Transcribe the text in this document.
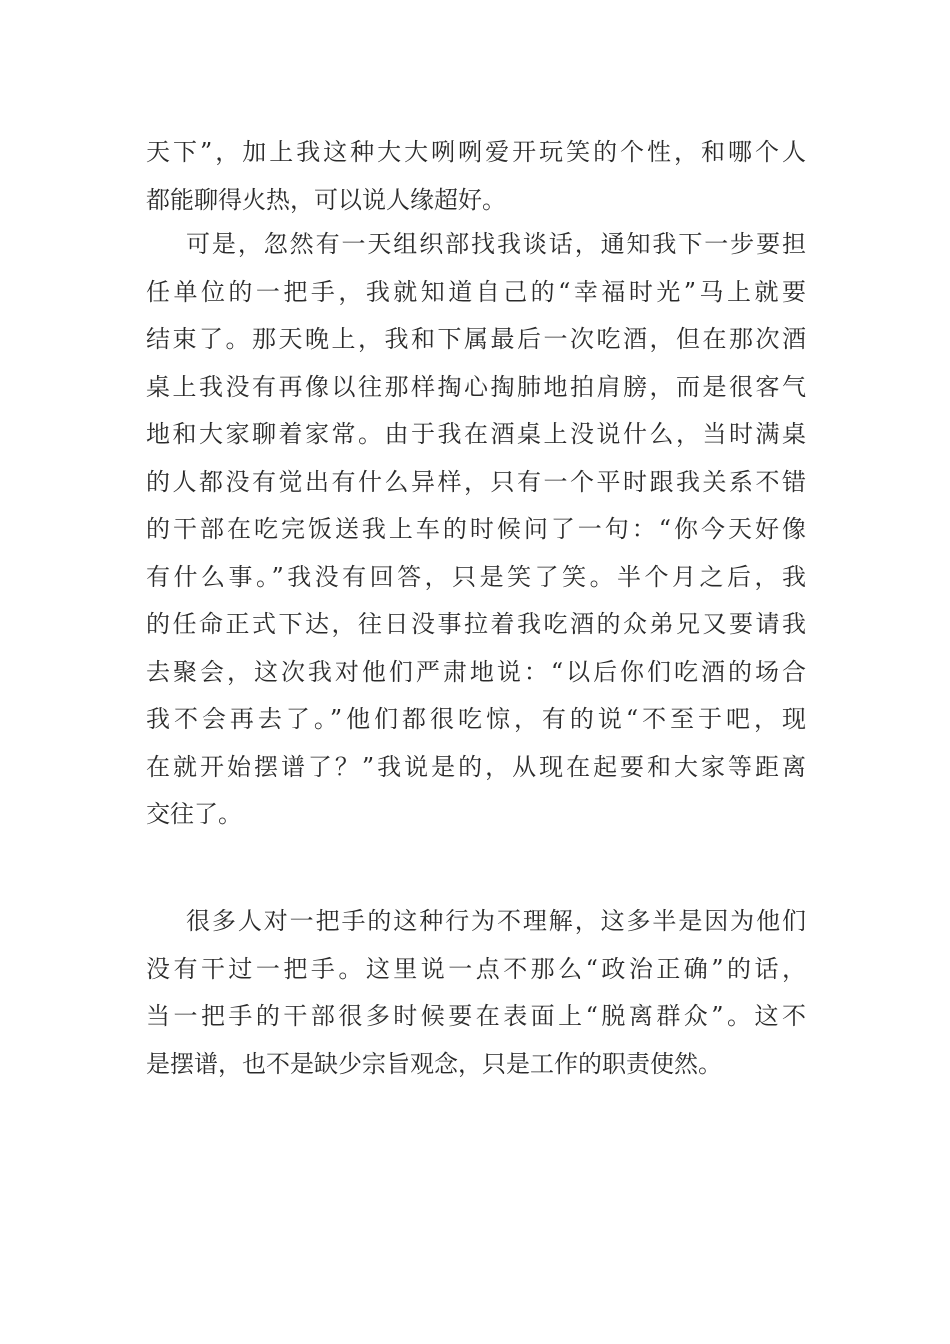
天下”，加上我这种大大咧咧爱开玩笑的个性，和哪个人
都能聊得火热，可以说人缘超好。
可是，忽然有一天组织部找我谈话，通知我下一步要担
任单位的一把手，我就知道自己的“幸福时光”马上就要
结束了。那天晚上，我和下属最后一次吃酒，但在那次酒
桌上我没有再像以往那样掏心掏肺地拍肩膀，而是很客气
地和大家聊着家常。由于我在酒桌上没说什么，当时满桌
的人都没有觉出有什么异样，只有一个平时跟我关系不错
的干部在吃完饭送我上车的时候问了一句：“你今天好像
有什么事。”我没有回答，只是笑了笑。半个月之后，我
的任命正式下达，往日没事拉着我吃酒的众弟兄又要请我
去聚会，这次我对他们严肃地说：“以后你们吃酒的场合
我不会再去了。”他们都很吃惊，有的说“不至于吧，现
在就开始摆谱了？”我说是的，从现在起要和大家等距离
交往了。
很多人对一把手的这种行为不理解，这多半是因为他们
没有干过一把手。这里说一点不那么“政治正确”的话，
当一把手的干部很多时候要在表面上“脱离群众”。这不
是摆谱，也不是缺少宗旨观念，只是工作的职责使然。
